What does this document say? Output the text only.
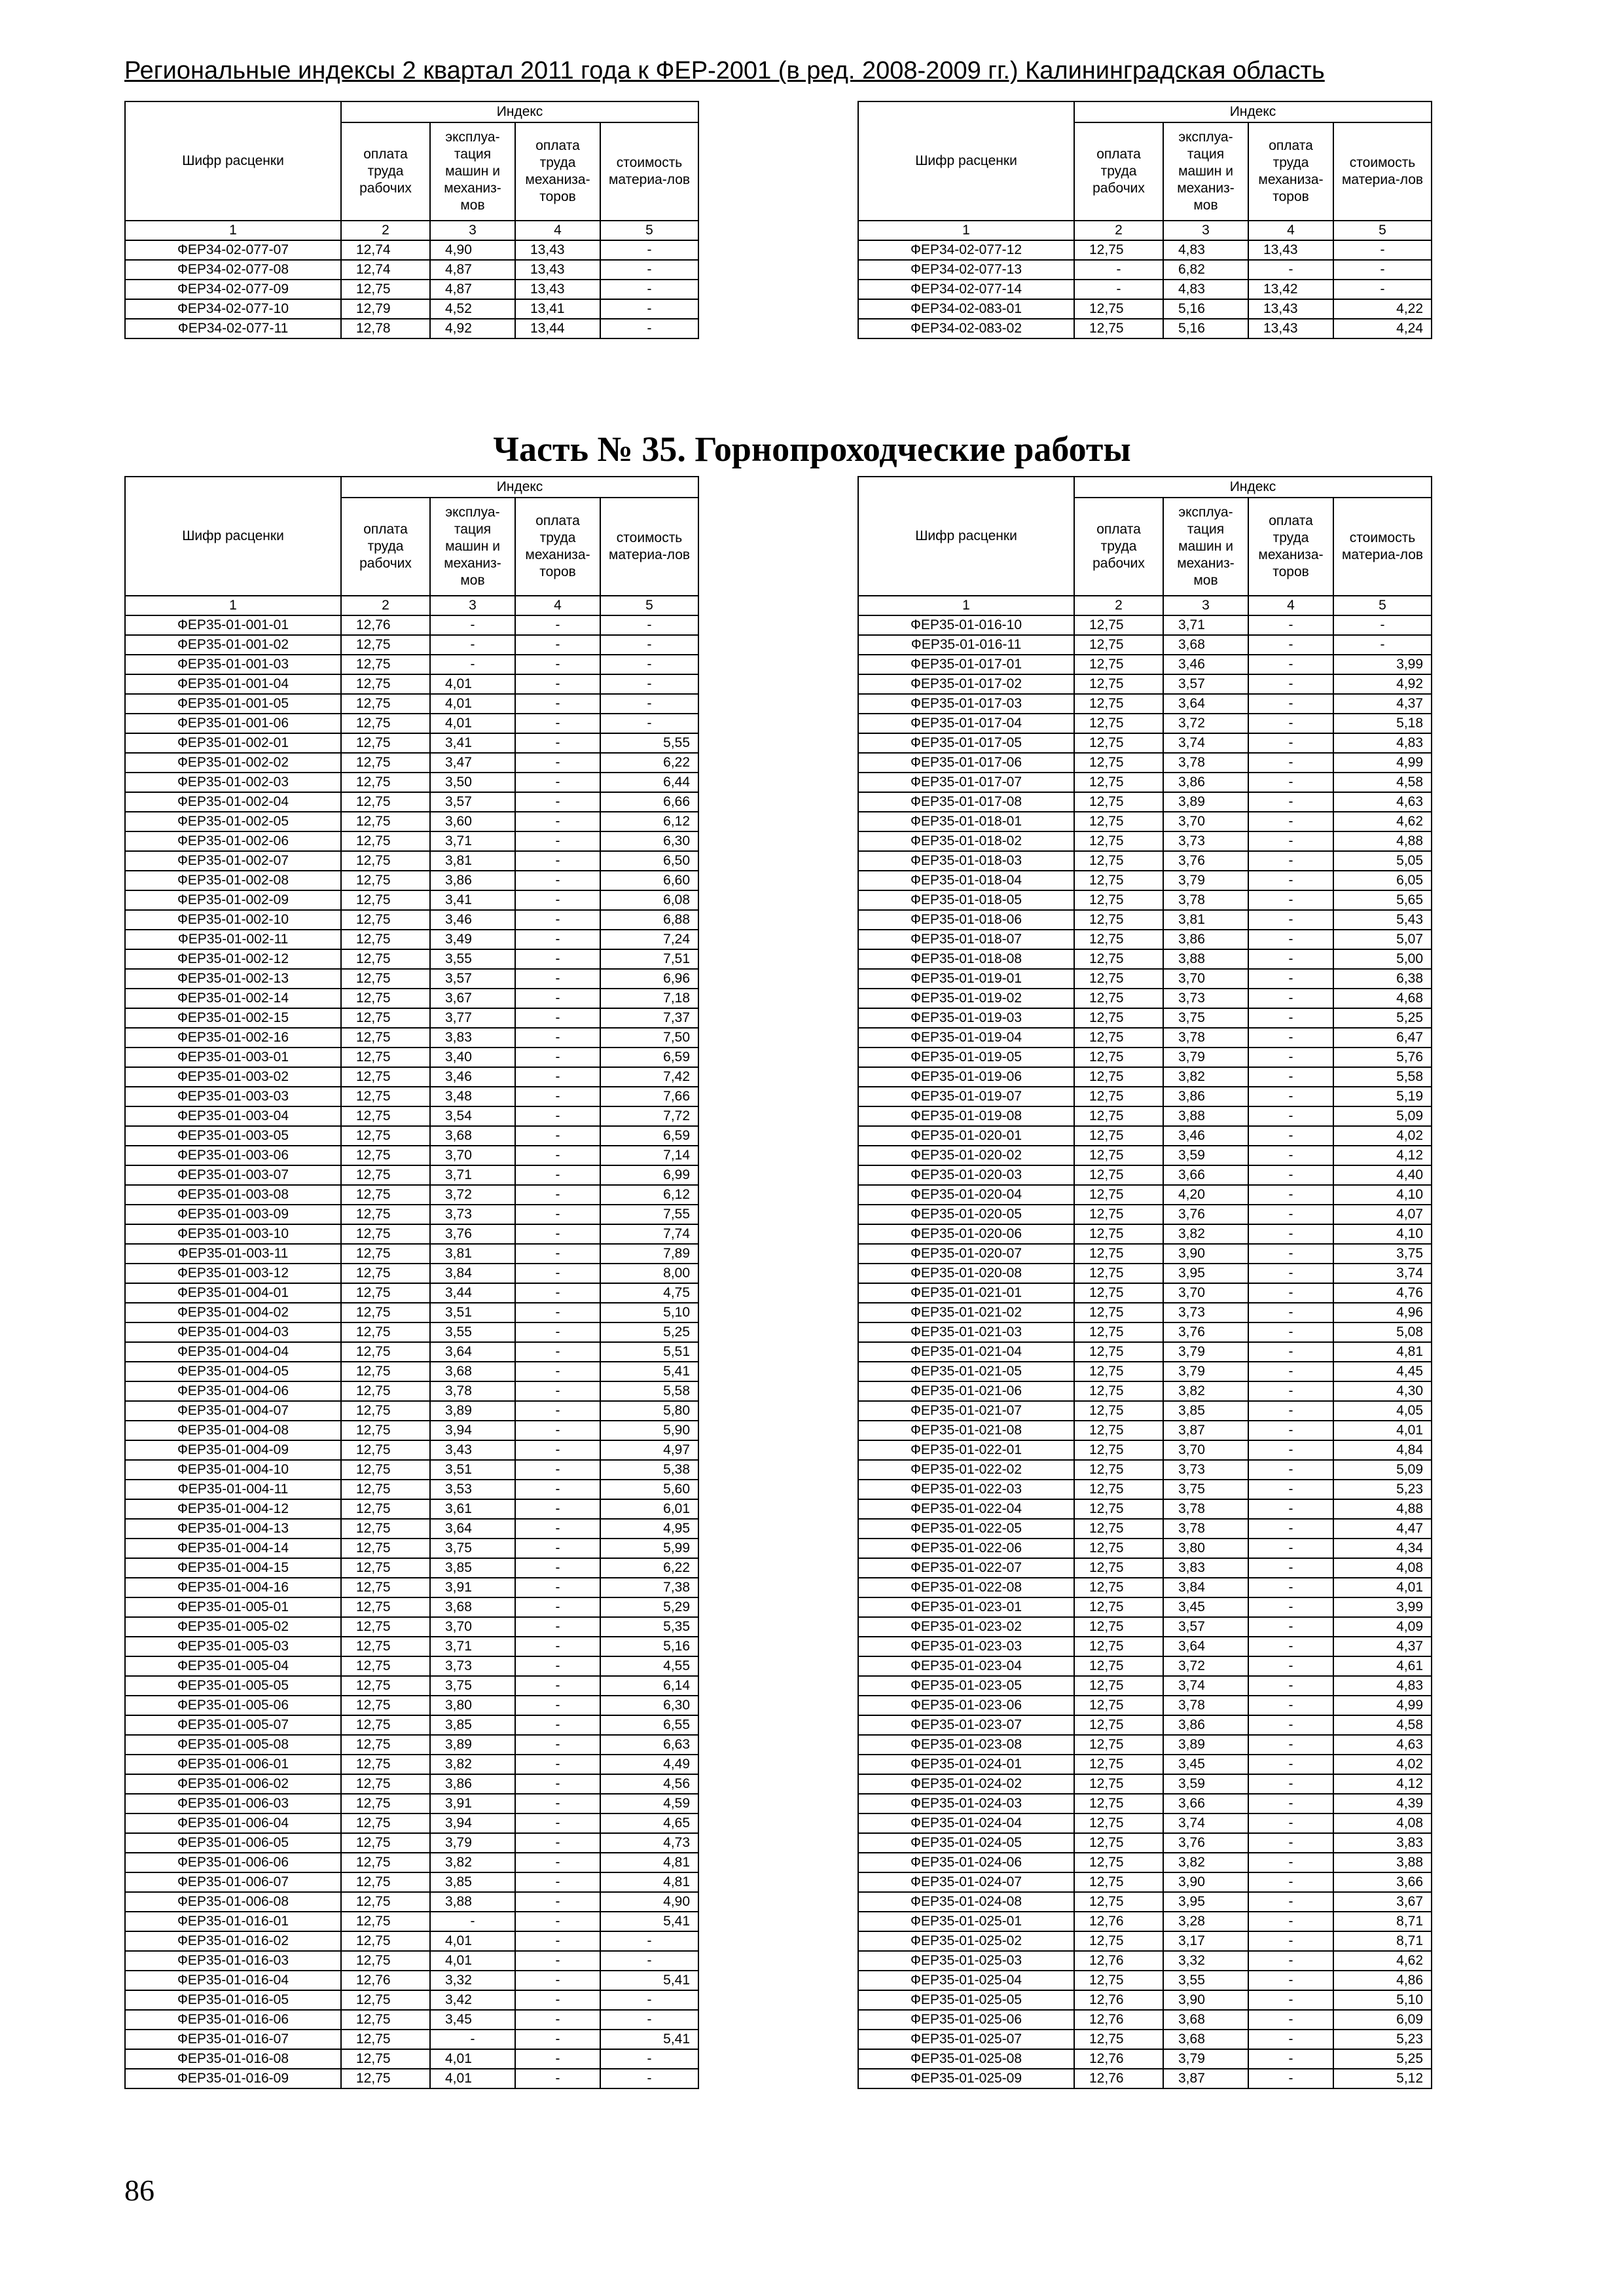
Региональные индексы 2 квартал 2011 года к ФЕР-2001 (в ред. 2008-2009 гг.) Калининградская область
Часть № 35. Горнопроходческие работы
86
Шифр расценки	Индекс			
	оплата труда рабочих	эксплуа-тация машин и механиз-мов	оплата труда механиза-торов	стоимость материа-лов
1	2	3	4	5
ФЕР34-02-077-07	12,74	4,90	13,43	-
ФЕР34-02-077-08	12,74	4,87	13,43	-
ФЕР34-02-077-09	12,75	4,87	13,43	-
ФЕР34-02-077-10	12,79	4,52	13,41	-
ФЕР34-02-077-11	12,78	4,92	13,44	-
Шифр расценки	Индекс			
	оплата труда рабочих	эксплуа-тация машин и механиз-мов	оплата труда механиза-торов	стоимость материа-лов
1	2	3	4	5
ФЕР34-02-077-12	12,75	4,83	13,43	-
ФЕР34-02-077-13	-	6,82	-	-
ФЕР34-02-077-14	-	4,83	13,42	-
ФЕР34-02-083-01	12,75	5,16	13,43	4,22
ФЕР34-02-083-02	12,75	5,16	13,43	4,24
Шифр расценки	Индекс			
	оплата труда рабочих	эксплуа-тация машин и механиз-мов	оплата труда механиза-торов	стоимость материа-лов
1	2	3	4	5
ФЕР35-01-001-01	12,76	-	-	-
ФЕР35-01-001-02	12,75	-	-	-
ФЕР35-01-001-03	12,75	-	-	-
ФЕР35-01-001-04	12,75	4,01	-	-
ФЕР35-01-001-05	12,75	4,01	-	-
ФЕР35-01-001-06	12,75	4,01	-	-
ФЕР35-01-002-01	12,75	3,41	-	5,55
ФЕР35-01-002-02	12,75	3,47	-	6,22
ФЕР35-01-002-03	12,75	3,50	-	6,44
ФЕР35-01-002-04	12,75	3,57	-	6,66
ФЕР35-01-002-05	12,75	3,60	-	6,12
ФЕР35-01-002-06	12,75	3,71	-	6,30
ФЕР35-01-002-07	12,75	3,81	-	6,50
ФЕР35-01-002-08	12,75	3,86	-	6,60
ФЕР35-01-002-09	12,75	3,41	-	6,08
ФЕР35-01-002-10	12,75	3,46	-	6,88
ФЕР35-01-002-11	12,75	3,49	-	7,24
ФЕР35-01-002-12	12,75	3,55	-	7,51
ФЕР35-01-002-13	12,75	3,57	-	6,96
ФЕР35-01-002-14	12,75	3,67	-	7,18
ФЕР35-01-002-15	12,75	3,77	-	7,37
ФЕР35-01-002-16	12,75	3,83	-	7,50
ФЕР35-01-003-01	12,75	3,40	-	6,59
ФЕР35-01-003-02	12,75	3,46	-	7,42
ФЕР35-01-003-03	12,75	3,48	-	7,66
ФЕР35-01-003-04	12,75	3,54	-	7,72
ФЕР35-01-003-05	12,75	3,68	-	6,59
ФЕР35-01-003-06	12,75	3,70	-	7,14
ФЕР35-01-003-07	12,75	3,71	-	6,99
ФЕР35-01-003-08	12,75	3,72	-	6,12
ФЕР35-01-003-09	12,75	3,73	-	7,55
ФЕР35-01-003-10	12,75	3,76	-	7,74
ФЕР35-01-003-11	12,75	3,81	-	7,89
ФЕР35-01-003-12	12,75	3,84	-	8,00
ФЕР35-01-004-01	12,75	3,44	-	4,75
ФЕР35-01-004-02	12,75	3,51	-	5,10
ФЕР35-01-004-03	12,75	3,55	-	5,25
ФЕР35-01-004-04	12,75	3,64	-	5,51
ФЕР35-01-004-05	12,75	3,68	-	5,41
ФЕР35-01-004-06	12,75	3,78	-	5,58
ФЕР35-01-004-07	12,75	3,89	-	5,80
ФЕР35-01-004-08	12,75	3,94	-	5,90
ФЕР35-01-004-09	12,75	3,43	-	4,97
ФЕР35-01-004-10	12,75	3,51	-	5,38
ФЕР35-01-004-11	12,75	3,53	-	5,60
ФЕР35-01-004-12	12,75	3,61	-	6,01
ФЕР35-01-004-13	12,75	3,64	-	4,95
ФЕР35-01-004-14	12,75	3,75	-	5,99
ФЕР35-01-004-15	12,75	3,85	-	6,22
ФЕР35-01-004-16	12,75	3,91	-	7,38
ФЕР35-01-005-01	12,75	3,68	-	5,29
ФЕР35-01-005-02	12,75	3,70	-	5,35
ФЕР35-01-005-03	12,75	3,71	-	5,16
ФЕР35-01-005-04	12,75	3,73	-	4,55
ФЕР35-01-005-05	12,75	3,75	-	6,14
ФЕР35-01-005-06	12,75	3,80	-	6,30
ФЕР35-01-005-07	12,75	3,85	-	6,55
ФЕР35-01-005-08	12,75	3,89	-	6,63
ФЕР35-01-006-01	12,75	3,82	-	4,49
ФЕР35-01-006-02	12,75	3,86	-	4,56
ФЕР35-01-006-03	12,75	3,91	-	4,59
ФЕР35-01-006-04	12,75	3,94	-	4,65
ФЕР35-01-006-05	12,75	3,79	-	4,73
ФЕР35-01-006-06	12,75	3,82	-	4,81
ФЕР35-01-006-07	12,75	3,85	-	4,81
ФЕР35-01-006-08	12,75	3,88	-	4,90
ФЕР35-01-016-01	12,75	-	-	5,41
ФЕР35-01-016-02	12,75	4,01	-	-
ФЕР35-01-016-03	12,75	4,01	-	-
ФЕР35-01-016-04	12,76	3,32	-	5,41
ФЕР35-01-016-05	12,75	3,42	-	-
ФЕР35-01-016-06	12,75	3,45	-	-
ФЕР35-01-016-07	12,75	-	-	5,41
ФЕР35-01-016-08	12,75	4,01	-	-
ФЕР35-01-016-09	12,75	4,01	-	-
Шифр расценки	Индекс			
	оплата труда рабочих	эксплуа-тация машин и механиз-мов	оплата труда механиза-торов	стоимость материа-лов
1	2	3	4	5
ФЕР35-01-016-10	12,75	3,71	-	-
ФЕР35-01-016-11	12,75	3,68	-	-
ФЕР35-01-017-01	12,75	3,46	-	3,99
ФЕР35-01-017-02	12,75	3,57	-	4,92
ФЕР35-01-017-03	12,75	3,64	-	4,37
ФЕР35-01-017-04	12,75	3,72	-	5,18
ФЕР35-01-017-05	12,75	3,74	-	4,83
ФЕР35-01-017-06	12,75	3,78	-	4,99
ФЕР35-01-017-07	12,75	3,86	-	4,58
ФЕР35-01-017-08	12,75	3,89	-	4,63
ФЕР35-01-018-01	12,75	3,70	-	4,62
ФЕР35-01-018-02	12,75	3,73	-	4,88
ФЕР35-01-018-03	12,75	3,76	-	5,05
ФЕР35-01-018-04	12,75	3,79	-	6,05
ФЕР35-01-018-05	12,75	3,78	-	5,65
ФЕР35-01-018-06	12,75	3,81	-	5,43
ФЕР35-01-018-07	12,75	3,86	-	5,07
ФЕР35-01-018-08	12,75	3,88	-	5,00
ФЕР35-01-019-01	12,75	3,70	-	6,38
ФЕР35-01-019-02	12,75	3,73	-	4,68
ФЕР35-01-019-03	12,75	3,75	-	5,25
ФЕР35-01-019-04	12,75	3,78	-	6,47
ФЕР35-01-019-05	12,75	3,79	-	5,76
ФЕР35-01-019-06	12,75	3,82	-	5,58
ФЕР35-01-019-07	12,75	3,86	-	5,19
ФЕР35-01-019-08	12,75	3,88	-	5,09
ФЕР35-01-020-01	12,75	3,46	-	4,02
ФЕР35-01-020-02	12,75	3,59	-	4,12
ФЕР35-01-020-03	12,75	3,66	-	4,40
ФЕР35-01-020-04	12,75	4,20	-	4,10
ФЕР35-01-020-05	12,75	3,76	-	4,07
ФЕР35-01-020-06	12,75	3,82	-	4,10
ФЕР35-01-020-07	12,75	3,90	-	3,75
ФЕР35-01-020-08	12,75	3,95	-	3,74
ФЕР35-01-021-01	12,75	3,70	-	4,76
ФЕР35-01-021-02	12,75	3,73	-	4,96
ФЕР35-01-021-03	12,75	3,76	-	5,08
ФЕР35-01-021-04	12,75	3,79	-	4,81
ФЕР35-01-021-05	12,75	3,79	-	4,45
ФЕР35-01-021-06	12,75	3,82	-	4,30
ФЕР35-01-021-07	12,75	3,85	-	4,05
ФЕР35-01-021-08	12,75	3,87	-	4,01
ФЕР35-01-022-01	12,75	3,70	-	4,84
ФЕР35-01-022-02	12,75	3,73	-	5,09
ФЕР35-01-022-03	12,75	3,75	-	5,23
ФЕР35-01-022-04	12,75	3,78	-	4,88
ФЕР35-01-022-05	12,75	3,78	-	4,47
ФЕР35-01-022-06	12,75	3,80	-	4,34
ФЕР35-01-022-07	12,75	3,83	-	4,08
ФЕР35-01-022-08	12,75	3,84	-	4,01
ФЕР35-01-023-01	12,75	3,45	-	3,99
ФЕР35-01-023-02	12,75	3,57	-	4,09
ФЕР35-01-023-03	12,75	3,64	-	4,37
ФЕР35-01-023-04	12,75	3,72	-	4,61
ФЕР35-01-023-05	12,75	3,74	-	4,83
ФЕР35-01-023-06	12,75	3,78	-	4,99
ФЕР35-01-023-07	12,75	3,86	-	4,58
ФЕР35-01-023-08	12,75	3,89	-	4,63
ФЕР35-01-024-01	12,75	3,45	-	4,02
ФЕР35-01-024-02	12,75	3,59	-	4,12
ФЕР35-01-024-03	12,75	3,66	-	4,39
ФЕР35-01-024-04	12,75	3,74	-	4,08
ФЕР35-01-024-05	12,75	3,76	-	3,83
ФЕР35-01-024-06	12,75	3,82	-	3,88
ФЕР35-01-024-07	12,75	3,90	-	3,66
ФЕР35-01-024-08	12,75	3,95	-	3,67
ФЕР35-01-025-01	12,76	3,28	-	8,71
ФЕР35-01-025-02	12,75	3,17	-	8,71
ФЕР35-01-025-03	12,76	3,32	-	4,62
ФЕР35-01-025-04	12,75	3,55	-	4,86
ФЕР35-01-025-05	12,76	3,90	-	5,10
ФЕР35-01-025-06	12,76	3,68	-	6,09
ФЕР35-01-025-07	12,75	3,68	-	5,23
ФЕР35-01-025-08	12,76	3,79	-	5,25
ФЕР35-01-025-09	12,76	3,87	-	5,12
